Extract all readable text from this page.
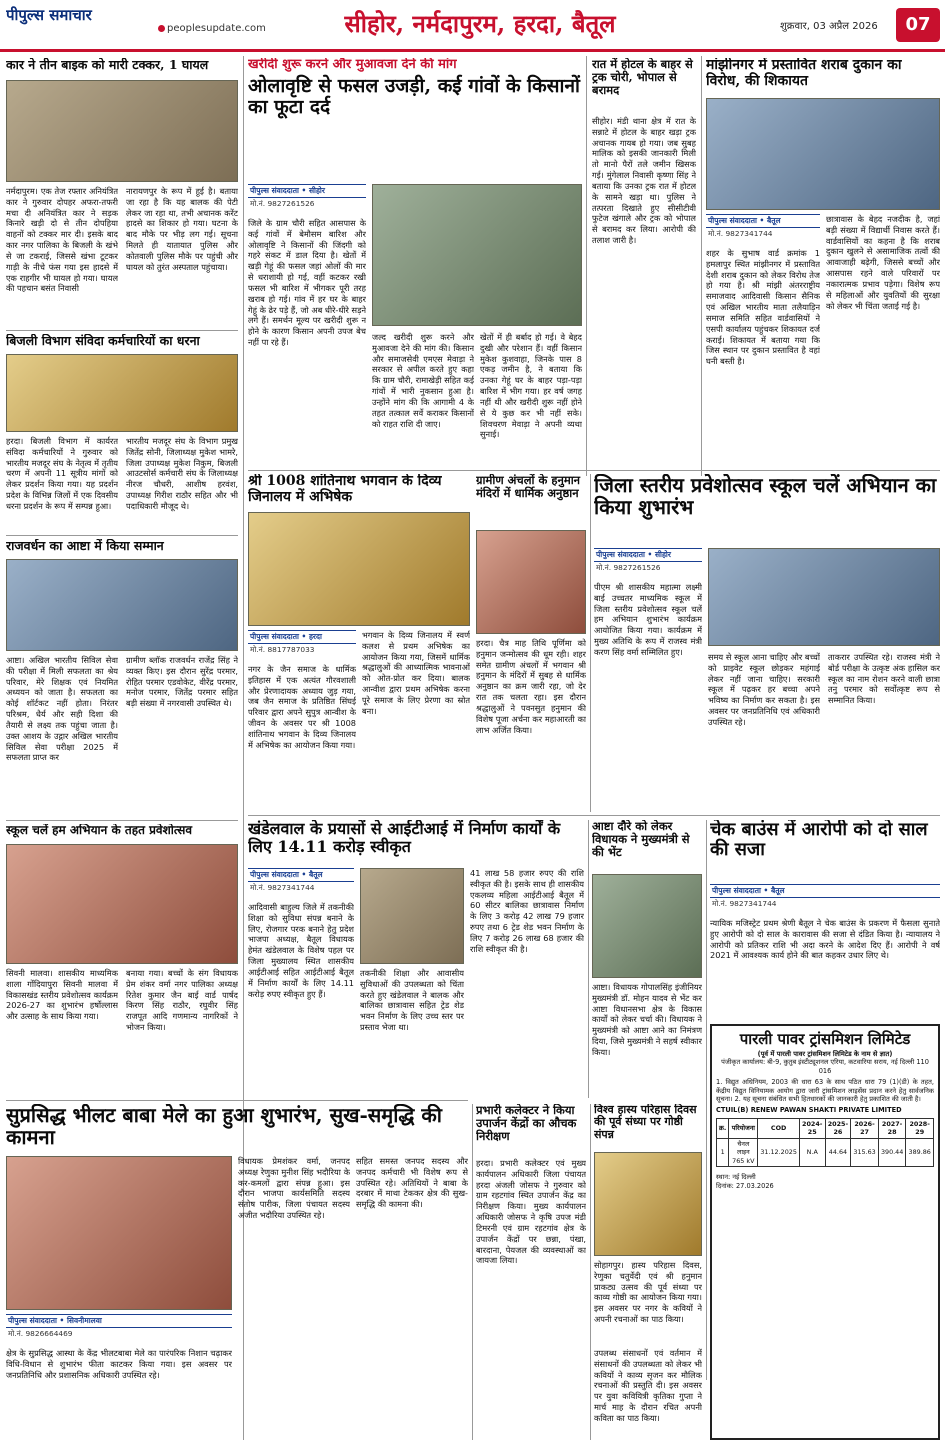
पीपुल्स समाचार
peoplesupdate.com	सीहोर, नर्मदापुरम, हरदा, बैतूल	शुक्रवार, 03 अप्रैल 2026	07
कार ने तीन बाइक को मारी टक्कर, 1 घायल
नर्मदापुरम। एक तेज रफ्तार अनियंत्रित कार ने गुरुवार दोपहर अफरा-तफरी मचा दी अनियंत्रित कार ने सड़क किनारे खड़ी दो से तीन दोपहिया वाहनों को टक्कर मार दी। इसके बाद कार नगर पालिका के बिजली के खंभे से जा टकराई, जिससे खंभा टूटकर गाड़ी के नीचे फंस गया इस हादसे में एक राहगीर भी घायल हो गया। घायल की पहचान बसंत निवासी
नारायणपुर के रूप में हुई है। बताया जा रहा है कि यह बालक की पेटी लेकर जा रहा था, तभी अचानक करेंट हादसे का शिकार हो गया। घटना के बाद मौके पर भीड़ लग गई। सूचना मिलते ही यातायात पुलिस और कोतवाली पुलिस मौके पर पहुंची और घायल को तुरंत अस्पताल पहुंचाया।
बिजली विभाग संविदा कर्मचारियों का धरना
हरदा। बिजली विभाग में कार्यरत संविदा कर्मचारियों ने गुरुवार को भारतीय मजदूर संघ के नेतृत्व में तृतीय चरण में अपनी 11 सूत्रीय मांगों को लेकर प्रदर्शन किया गया। यह प्रदर्शन प्रदेश के विभिन्न जिलों में एक दिवसीय धरना प्रदर्शन के रूप में सम्पन्न हुआ।
भारतीय मजदूर संघ के विभाग प्रमुख जितेंद्र सोनी, जिलाध्यक्ष मुकेश भामरे, जिला उपाध्यक्ष मुकेश निकुम, बिजली आउटसोर्स कर्मचारी संघ के जिलाध्यक्ष नीरज चौधरी, आशीष हरवंश, उपाध्यक्ष गिरीश राठौर सहित और भी पदाधिकारी मौजूद थे।
राजवर्धन का आष्टा में किया सम्मान
आष्टा। अखिल भारतीय सिविल सेवा की परीक्षा में मिली सफलता का श्रेय परिवार, मेरे शिक्षक एवं नियमित अध्ययन को जाता है। सफलता का कोई शॉर्टकट नहीं होता। निरंतर परिश्रम, धैर्य और सही दिशा की तैयारी से लक्ष्य तक पहुंचा जाता है। उक्त आशय के उद्गार अखिल भारतीय सिविल सेवा परीक्षा 2025 में सफलता प्राप्त कर
ग्रामीण ब्लॉक राजवर्धन राजेंद्र सिंह ने व्यक्त किए। इस दौरान सुरेंद्र परमार, रोहित परमार एडवोकेट, वीरेंद्र परमार, मनोज परमार, जितेंद्र परमार सहित बड़ी संख्या में नगरवासी उपस्थित थे।
स्कूल चलें हम अभियान के तहत प्रवेशोत्सव
सिवनी मालवा। शासकीय माध्यमिक शाला गोंदियापुरा सिवनी मालवा में विकासखंड स्तरीय प्रवेशोत्सव कार्यक्रम 2026-27 का शुभारंभ हर्षोल्लास और उत्साह के साथ किया गया।
बनाया गया। बच्चों के संग विधायक प्रेम शंकर वर्मा नगर पालिका अध्यक्ष रितेश कुमार जैन बाई वार्ड पार्षद किरण सिंह राठौर, रघुवीर सिंह राजपूत आदि गणमान्य नागरिकों ने भोजन किया।
खरीदी शुरू करने और मुआवजा देने की मांग
ओलावृष्टि से फसल उजड़ी, कई गांवों के किसानों का फूटा दर्द
पीपुल्स संवाददाता • सीहोर
मो.नं. 9827261526
जिले के ग्राम चौरी सहित आसपास के कई गांवों में बेमौसम बारिश और ओलावृष्टि ने किसानों की जिंदगी को गहरे संकट में डाल दिया है। खेतों में खड़ी गेहूं की फसल जहां ओलों की मार से धराशायी हो गई, वहीं कटकर रखी फसल भी बारिश में भीगकर पूरी तरह खराब हो गई। गांव में हर घर के बाहर गेहूं के ढेर पड़े हैं, जो अब धीरे-धीरे सड़ने लगे हैं। समर्थन मूल्य पर खरीदी शुरू न होने के कारण किसान अपनी उपज बेच नहीं पा रहे हैं।
जल्द खरीदी शुरू करने और मुआवजा देने की मांग की। किसान और समाजसेवी एमएस मेवाड़ा ने सरकार से अपील करते हुए कहा कि ग्राम चौरी, रामाखेड़ी सहित कई गांवों में भारी नुकसान हुआ है। उन्होंने मांग की कि आगामी 4 के तहत तत्काल सर्वे कराकर किसानों को राहत राशि दी जाए।
खेतों में ही बर्बाद हो गई। वे बेहद दुखी और परेशान हैं। वहीं किसान मुकेश कुशवाहा, जिनके पास 8 एकड़ जमीन है, ने बताया कि उनका गेहूं घर के बाहर पड़ा-पड़ा बारिश में भीग गया। हर वर्ष जगह नहीं थी और खरीदी शुरू नहीं होने से ये कुछ कर भी नहीं सके। शिवचरण मेवाड़ा ने अपनी व्यथा सुनाई।
रात में होटल के बाहर से ट्रक चोरी, भोपाल से बरामद
सीहोर। मंडी थाना क्षेत्र में रात के सन्नाटे में होटल के बाहर खड़ा ट्रक अचानक गायब हो गया। जब सुबह मालिक को इसकी जानकारी मिली तो मानो पैरों तले जमीन खिसक गई। मुंगेलाल निवासी कृष्णा सिंह ने बताया कि उनका ट्रक रात में होटल के सामने खड़ा था। पुलिस ने तत्परता दिखाते हुए सीसीटीवी फुटेज खंगाले और ट्रक को भोपाल से बरामद कर लिया। आरोपी की तलाश जारी है।
मांझीनगर में प्रस्तावित शराब दुकान का विरोध, की शिकायत
पीपुल्स संवाददाता • बैतूल
मो.नं. 9827341744
शहर के सुभाष वार्ड क्रमांक 1 हमलापुर स्थित मांझीनगर में प्रस्तावित देशी शराब दुकान को लेकर विरोध तेज हो गया है। श्री मांझी अंतरराष्ट्रीय समाजवाद आदिवासी किसान सैनिक एवं अखिल भारतीय माता तलैयाड़िन समाज समिति सहित वार्डवासियों ने एसपी कार्यालय पहुंचकर शिकायत दर्ज कराई। शिकायत में बताया गया कि जिस स्थान पर दुकान प्रस्तावित है वहां घनी बस्ती है।
छात्रावास के बेहद नजदीक है, जहां बड़ी संख्या में विद्यार्थी निवास करते हैं। वार्डवासियों का कहना है कि शराब दुकान खुलने से असामाजिक तत्वों की आवाजाही बढ़ेगी, जिससे बच्चों और आसपास रहने वाले परिवारों पर नकारात्मक प्रभाव पड़ेगा। विशेष रूप से महिलाओं और युवतियों की सुरक्षा को लेकर भी चिंता जताई गई है।
श्री 1008 शांतिनाथ भगवान के दिव्य जिनालय में अभिषेक
पीपुल्स संवाददाता • हरदा
मो.नं. 8817787033
नगर के जैन समाज के धार्मिक इतिहास में एक अत्यंत गौरवशाली और प्रेरणादायक अध्याय जुड़ गया, जब जैन समाज के प्रतिष्ठित सिंघई परिवार द्वारा अपने सुपुत्र आन्वीश के जीवन के अवसर पर श्री 1008 शांतिनाथ भगवान के दिव्य जिनालय में अभिषेक का आयोजन किया गया।
भगवान के दिव्य जिनालय में स्वर्ण कलश से प्रथम अभिषेक का आयोजन किया गया, जिसमें धार्मिक श्रद्धालुओं की आध्यात्मिक भावनाओं को ओत-प्रोत कर दिया। बालक आन्वीश द्वारा प्रथम अभिषेक करना पूरे समाज के लिए प्रेरणा का स्रोत बना।
ग्रामीण अंचलों के हनुमान मंदिरों में धार्मिक अनुष्ठान
हरदा। चैत्र माह तिथि पूर्णिमा को हनुमान जन्मोत्सव की धूम रही। शहर समेत ग्रामीण अंचलों में भगवान श्री हनुमान के मंदिरों में सुबह से धार्मिक अनुष्ठान का क्रम जारी रहा, जो देर रात तक चलता रहा। इस दौरान श्रद्धालुओं ने पवनसुत हनुमान की विशेष पूजा अर्चना कर महाआरती का लाभ अर्जित किया।
जिला स्तरीय प्रवेशोत्सव स्कूल चलें अभियान का किया शुभारंभ
पीपुल्स संवाददाता • सीहोर
मो.नं. 9827261526
पीएम श्री शासकीय महात्मा लक्ष्मी बाई उच्चतर माध्यमिक स्कूल में जिला स्तरीय प्रवेशोत्सव स्कूल चलें हम अभियान शुभारंभ कार्यक्रम आयोजित किया गया। कार्यक्रम में मुख्य अतिथि के रूप में राजस्व मंत्री करण सिंह वर्मा सम्मिलित हुए।
समय से स्कूल आना चाहिए और बच्चों को प्राइवेट स्कूल छोड़कर महंगाई लेकर नहीं जाना चाहिए। सरकारी स्कूल में पढ़कर हर बच्चा अपने भविष्य का निर्माण कर सकता है। इस अवसर पर जनप्रतिनिधि एवं अधिकारी उपस्थित रहे।
ताकरार उपस्थित रहे। राजस्व मंत्री ने बोर्ड परीक्षा के उत्कृष्ट अंक हासिल कर स्कूल का नाम रोशन करने वाली छात्रा तनु परमार को सर्वोत्कृष्ट रूप से सम्मानित किया।
खंडेलवाल के प्रयासों से आईटीआई में निर्माण कार्यों के लिए 14.11 करोड़ स्वीकृत
पीपुल्स संवाददाता • बैतूल
मो.नं. 9827341744
आदिवासी बाहुल्य जिले में तकनीकी शिक्षा को सुविधा संपन्न बनाने के लिए, रोजगार परक बनाने हेतु प्रदेश भाजपा अध्यक्ष, बैतूल विधायक हेमंत खंडेलवाल के विशेष पहल पर जिला मुख्यालय स्थित शासकीय आईटीआई सहित आईटीआई बैतूल में निर्माण कार्यों के लिए 14.11 करोड़ रुपए स्वीकृत हुए हैं।
तकनीकी शिक्षा और आवासीय सुविधाओं की उपलब्धता को चिंता करते हुए खंडेलवाल ने बालक और बालिका छात्रावास सहित ट्रेड शेड भवन निर्माण के लिए उच्च स्तर पर प्रस्ताव भेजा था।
41 लाख 58 हजार रुपए की राशि स्वीकृत की है। इसके साथ ही शासकीय एकलव्य महिला आईटीआई बैतूल में 60 सीटर बालिका छात्रावास निर्माण के लिए 3 करोड़ 42 लाख 79 हजार रुपए तथा 6 ट्रेड शेड भवन निर्माण के लिए 7 करोड़ 26 लाख 68 हजार की राशि स्वीकृत की है।
आष्टा दौरे को लेकर विधायक ने मुख्यमंत्री से की भेंट
आष्टा। विधायक गोपालसिंह इंजीनियर मुख्यमंत्री डॉ. मोहन यादव से भेंट कर आष्टा विधानसभा क्षेत्र के विकास कार्यों को लेकर चर्चा की। विधायक ने मुख्यमंत्री को आष्टा आने का निमंत्रण दिया, जिसे मुख्यमंत्री ने सहर्ष स्वीकार किया।
चेक बाउंस में आरोपी को दो साल की सजा
पीपुल्स संवाददाता • बैतूल
मो.नं. 9827341744
न्यायिक मजिस्ट्रेट प्रथम श्रेणी बैतूल ने चेक बाउंस के प्रकरण में फैसला सुनाते हुए आरोपी को दो साल के कारावास की सजा से दंडित किया है। न्यायालय ने आरोपी को प्रतिकर राशि भी अदा करने के आदेश दिए हैं। आरोपी ने वर्ष 2021 में आवश्यक कार्य होने की बात कहकर उधार लिए थे।
पारली पावर ट्रांसमिशन लिमिटेड

(पूर्व में पारली पावर ट्रांसमिशन लिमिटेड के नाम से ज्ञात)

पंजीकृत कार्यालय: बी-9, कुतुब इंस्टीट्यूशनल एरिया, कटवारिया सराय, नई दिल्ली 110 016

1. विद्युत अधिनियम, 2003 की धारा 63 के साथ पठित धारा 79 (1)(डी) के तहत, केंद्रीय विद्युत विनियामक आयोग द्वारा जारी ट्रांसमिशन लाइसेंस प्रदान करने हेतु सार्वजनिक सूचना। 2. यह सूचना संबंधित सभी हितधारकों की जानकारी हेतु प्रकाशित की जाती है।

CTUIL(B) RENEW PAWAN SHAKTI PRIVATE LIMITED

क्र.	परियोजना	COD	2024-25	2025-26	2026-27	2027-28	2028-29
1	चैनल लाइन 765 kV	31.12.2025	N.A	44.64	315.63	390.44	389.86

स्थान: नई दिल्ली

दिनांक: 27.03.2026

सुप्रसिद्ध भीलट बाबा मेले का हुआ शुभारंभ, सुख-समृद्धि की कामना
पीपुल्स संवाददाता • सिवनीमालवा
मो.नं. 9826664469
क्षेत्र के सुप्रसिद्ध आस्था के केंद्र भीलटबाबा मेले का पारंपरिक निशान चढ़ाकर विधि-विधान से शुभारंभ फीता काटकर किया गया। इस अवसर पर जनप्रतिनिधि और प्रशासनिक अधिकारी उपस्थित रहे।
विधायक प्रेमशंकर वर्मा, जनपद अध्यक्ष रेणुका मुनीश सिंह भदौरिया के कर-कमलों द्वारा संपन्न हुआ। इस दौरान भाजपा कार्यसमिति सदस्य संतोष पारीक, जिला पंचायत सदस्य अजीत भदौरिया उपस्थित रहे।
सहित समस्त जनपद सदस्य और जनपद कर्मचारी भी विशेष रूप से उपस्थित रहे। अतिथियों ने बाबा के दरबार में माथा टेककर क्षेत्र की सुख-समृद्धि की कामना की।
प्रभारी कलेक्टर ने किया उपार्जन केंद्रों का औचक निरीक्षण
हरदा। प्रभारी कलेक्टर एवं मुख्य कार्यपालन अधिकारी जिला पंचायत हरदा अंजली जोसफ ने गुरुवार को ग्राम रहटगांव स्थित उपार्जन केंद्र का निरीक्षण किया। मुख्य कार्यपालन अधिकारी जोसफ ने कृषि उपज मंडी टिमरनी एवं ग्राम रहटगांव क्षेत्र के उपार्जन केंद्रों पर छन्ना, पंखा, बारदाना, पेयजल की व्यवस्थाओं का जायजा लिया।
विश्व हास्य परिहास दिवस की पूर्व संध्या पर गोष्ठी संपन्न
सोहागपुर। हास्य परिहास दिवस, रेणुका चतुर्वेदी एवं श्री हनुमान प्राकट्य उत्सव की पूर्व संध्या पर काव्य गोष्ठी का आयोजन किया गया। इस अवसर पर नगर के कवियों ने अपनी रचनाओं का पाठ किया।
उपलब्ध संसाधनों एवं वर्तमान में संसाधनों की उपलब्धता को लेकर भी कवियों ने काव्य सृजन कर मौलिक रचनाओं की प्रस्तुति दी। इस अवसर पर युवा कवियित्री कृतिका गुप्ता ने मार्च माह के दौरान रचित अपनी कविता का पाठ किया।
